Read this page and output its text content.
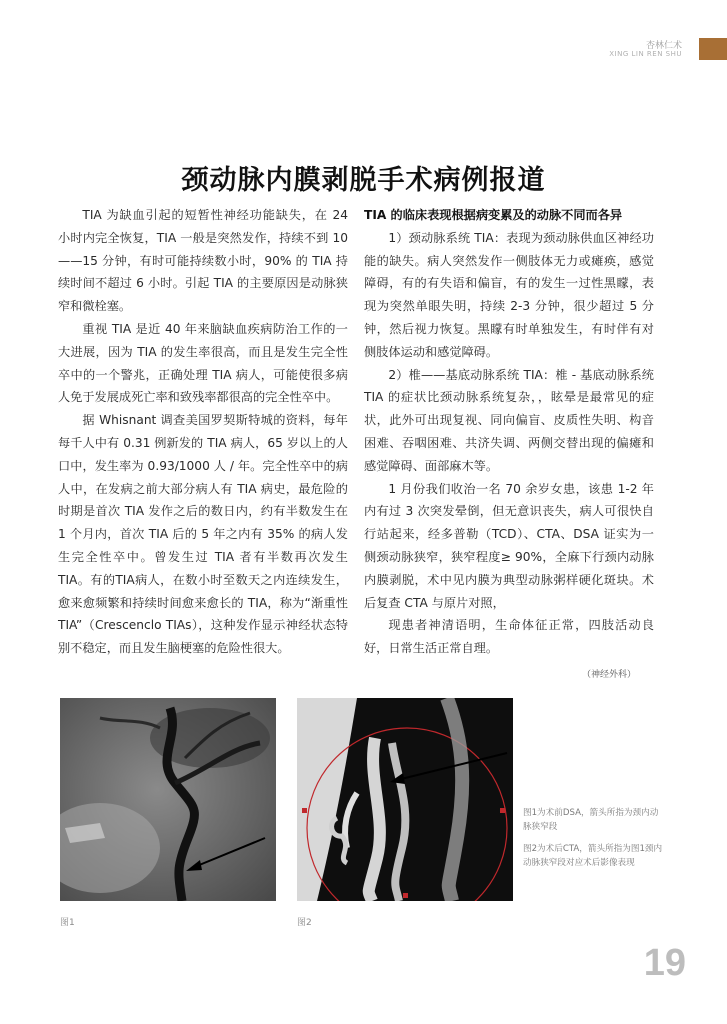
杏林仁术
XING LIN REN SHU
颈动脉内膜剥脱手术病例报道

TIA 为缺血引起的短暂性神经功能缺失，在 24 小时内完全恢复，TIA 一般是突然发作，持续不到 10——15 分钟，有时可能持续数小时，90% 的 TIA 持续时间不超过 6 小时。引起 TIA 的主要原因是动脉狭窄和微栓塞。

重视 TIA 是近 40 年来脑缺血疾病防治工作的一大进展，因为 TIA 的发生率很高，而且是发生完全性卒中的一个警兆，正确处理 TIA 病人，可能使很多病人免于发展成死亡率和致残率都很高的完全性卒中。

据 Whisnant 调查美国罗契斯特城的资料，每年每千人中有 0.31 例新发的 TIA 病人，65 岁以上的人口中，发生率为 0.93/1000 人 / 年。完全性卒中的病人中，在发病之前大部分病人有 TIA 病史，最危险的时期是首次 TIA 发作之后的数日内，约有半数发生在 1 个月内，首次 TIA 后的 5 年之内有 35% 的病人发生完全性卒中。曾发生过 TIA 者有半数再次发生TIA。有的TIA病人，在数小时至数天之内连续发生，愈来愈频繁和持续时间愈来愈长的 TIA，称为“渐重性 TIA”（Crescenclo TIAs），这种发作显示神经状态特别不稳定，而且发生脑梗塞的危险性很大。

TIA 的临床表现根据病变累及的动脉不同而各异

1）颈动脉系统 TIA：表现为颈动脉供血区神经功能的缺失。病人突然发作一侧肢体无力或瘫痪，感觉障碍，有的有失语和偏盲，有的发生一过性黑矇，表现为突然单眼失明，持续 2-3 分钟，很少超过 5 分钟，然后视力恢复。黑矇有时单独发生，有时伴有对侧肢体运动和感觉障碍。

2）椎——基底动脉系统 TIA：椎 - 基底动脉系统 TIA 的症状比颈动脉系统复杂，，眩晕是最常见的症状，此外可出现复视、同向偏盲、皮质性失明、构音困难、吞咽困难、共济失调、两侧交替出现的偏瘫和感觉障碍、面部麻木等。

1 月份我们收治一名 70 余岁女患，该患 1-2 年内有过 3 次突发晕倒，但无意识丧失，病人可很快自行站起来，经多普勒（TCD）、CTA、DSA 证实为一侧颈动脉狭窄，狭窄程度≥ 90%，全麻下行颈内动脉内膜剥脱，术中见内膜为典型动脉粥样硬化斑块。术后复查 CTA 与原片对照，

现患者神清语明，生命体征正常，四肢活动良好，日常生活正常自理。

（神经外科）

图1	图2

图1为术前DSA，箭头所指为颈内动脉狭窄段

图2为术后CTA，箭头所指为图1颈内动脉狭窄段对应术后影像表现

19
